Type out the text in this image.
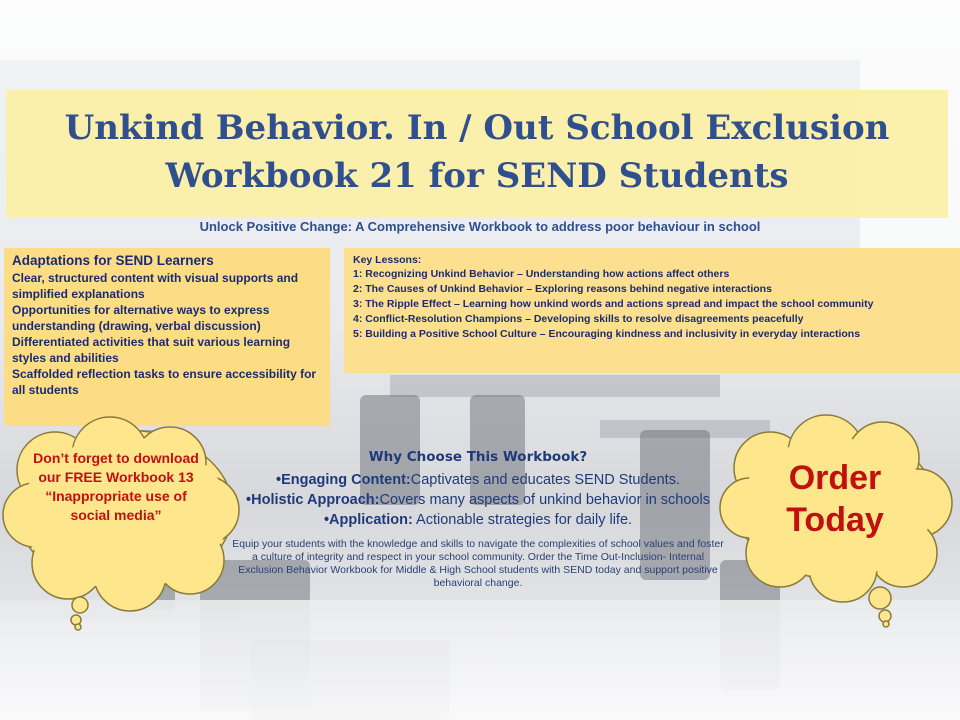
Unkind Behavior. In / Out School Exclusion
Workbook 21 for SEND Students
Unlock Positive Change: A Comprehensive Workbook to address poor behaviour in school
Adaptations for SEND Learners
Clear, structured content with visual supports and simplified explanations
Opportunities for alternative ways to express understanding (drawing, verbal discussion)
Differentiated activities that suit various learning styles and abilities
Scaffolded reflection tasks to ensure accessibility for all students
Key Lessons:
1: Recognizing Unkind Behavior – Understanding how actions affect others
2: The Causes of Unkind Behavior – Exploring reasons behind negative interactions
3: The Ripple Effect – Learning how unkind words and actions spread and impact the school community
4: Conflict-Resolution Champions – Developing skills to resolve disagreements peacefully
5: Building a Positive School Culture – Encouraging kindness and inclusivity in everyday interactions
Don’t forget to download our FREE Workbook 13 “Inappropriate use of social media”
Order
Today
Why Choose This Workbook?
•Engaging Content:Captivates and educates SEND Students.
•Holistic Approach:Covers many aspects of unkind behavior in schools
•Application: Actionable strategies for daily life.
Equip your students with the knowledge and skills to navigate the complexities of school values and foster a culture of integrity and respect in your school community. Order the Time Out-Inclusion- Internal Exclusion Behavior Workbook for Middle & High School students with SEND today and support positive behavioral change.
